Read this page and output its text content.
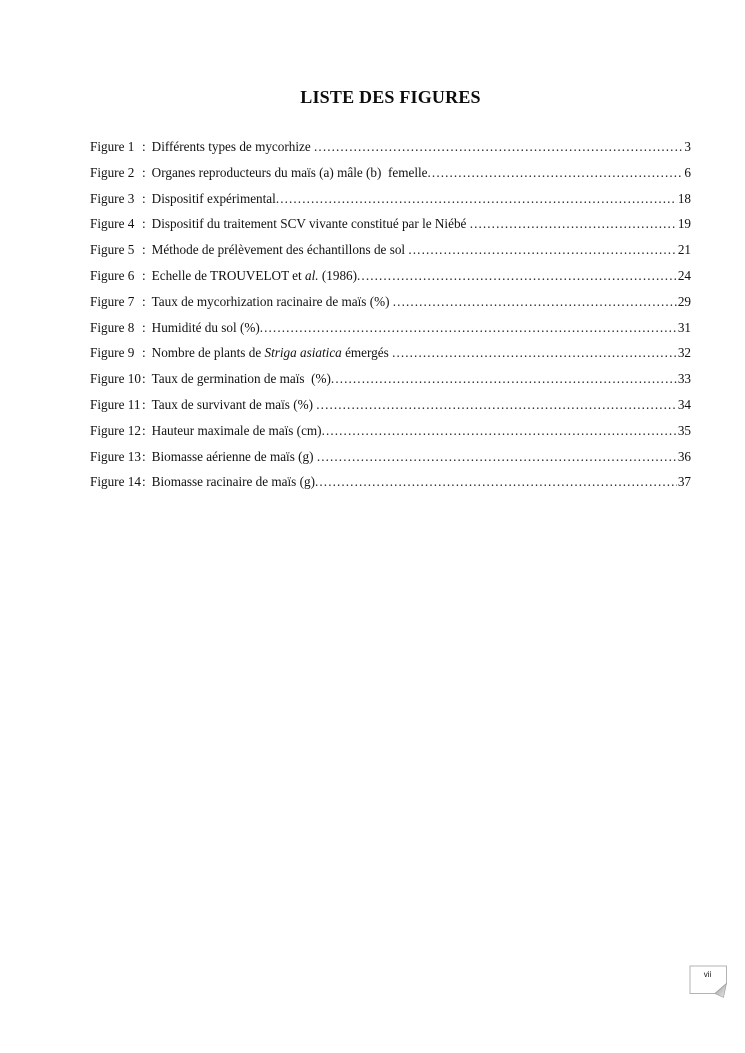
LISTE DES FIGURES
Figure 1 : Différents types de mycorhize .....	3
Figure 2 : Organes reproducteurs du maïs (a) mâle (b)  femelle .....	6
Figure 3 : Dispositif expérimental .....	18
Figure 4 : Dispositif du traitement SCV vivante constitué par le Niébé .....	19
Figure 5 : Méthode de prélèvement des échantillons de sol .....	21
Figure 6 : Echelle de TROUVELOT et al. (1986) .....	24
Figure 7 : Taux de mycorhization racinaire de maïs (%) .....	29
Figure 8 : Humidité du sol (%) .....	31
Figure 9 : Nombre de plants de Striga asiatica émergés .....	32
Figure 10 : Taux de germination de maïs  (%) .....	33
Figure 11 : Taux de survivant de maïs (%) .....	34
Figure 12 : Hauteur maximale de maïs (cm) .....	35
Figure 13 : Biomasse aérienne de maïs (g) .....	36
Figure 14 : Biomasse racinaire de maïs (g) .....	37
vii
